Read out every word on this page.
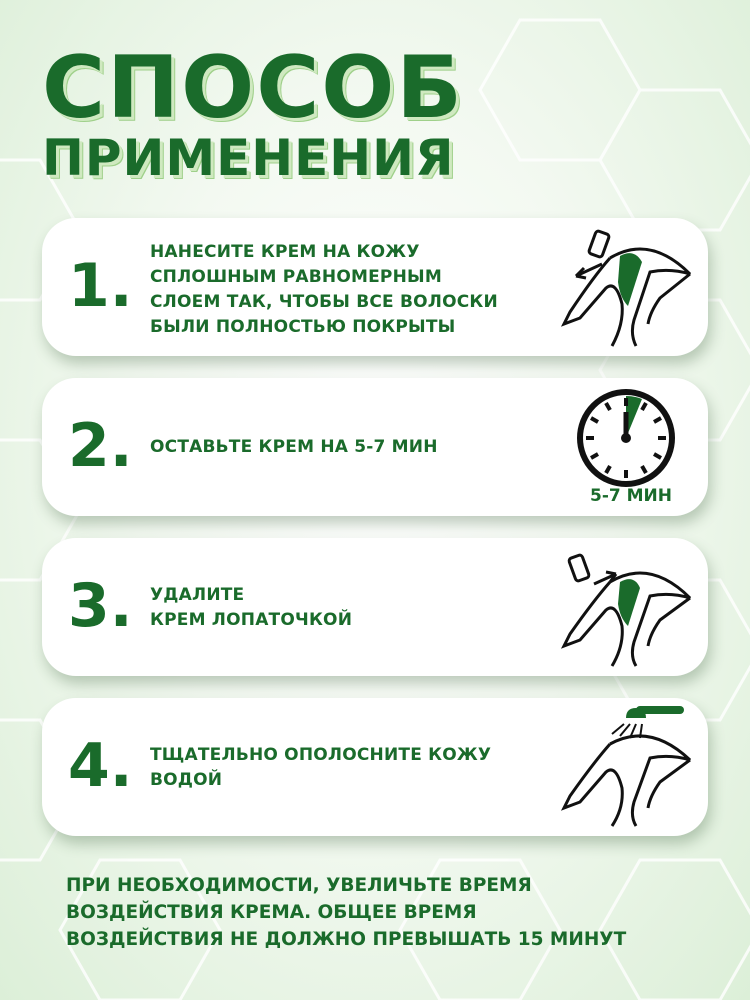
СПОСОБ
ПРИМЕНЕНИЯ
1. НАНЕСИТЕ КРЕМ НА КОЖУ
СПЛОШНЫМ РАВНОМЕРНЫМ
СЛОЕМ ТАК, ЧТОБЫ ВСЕ ВОЛОСКИ
БЫЛИ ПОЛНОСТЬЮ ПОКРЫТЫ

2. ОСТАВЬТЕ КРЕМ НА 5-7 МИН

5-7 МИН
3. УДАЛИТЕ
КРЕМ ЛОПАТОЧКОЙ

4. ТЩАТЕЛЬНО ОПОЛОСНИТЕ КОЖУ
ВОДОЙ

ПРИ НЕОБХОДИМОСТИ, УВЕЛИЧЬТЕ ВРЕМЯ
ВОЗДЕЙСТВИЯ КРЕМА. ОБЩЕЕ ВРЕМЯ
ВОЗДЕЙСТВИЯ НЕ ДОЛЖНО ПРЕВЫШАТЬ 15 МИНУТ
